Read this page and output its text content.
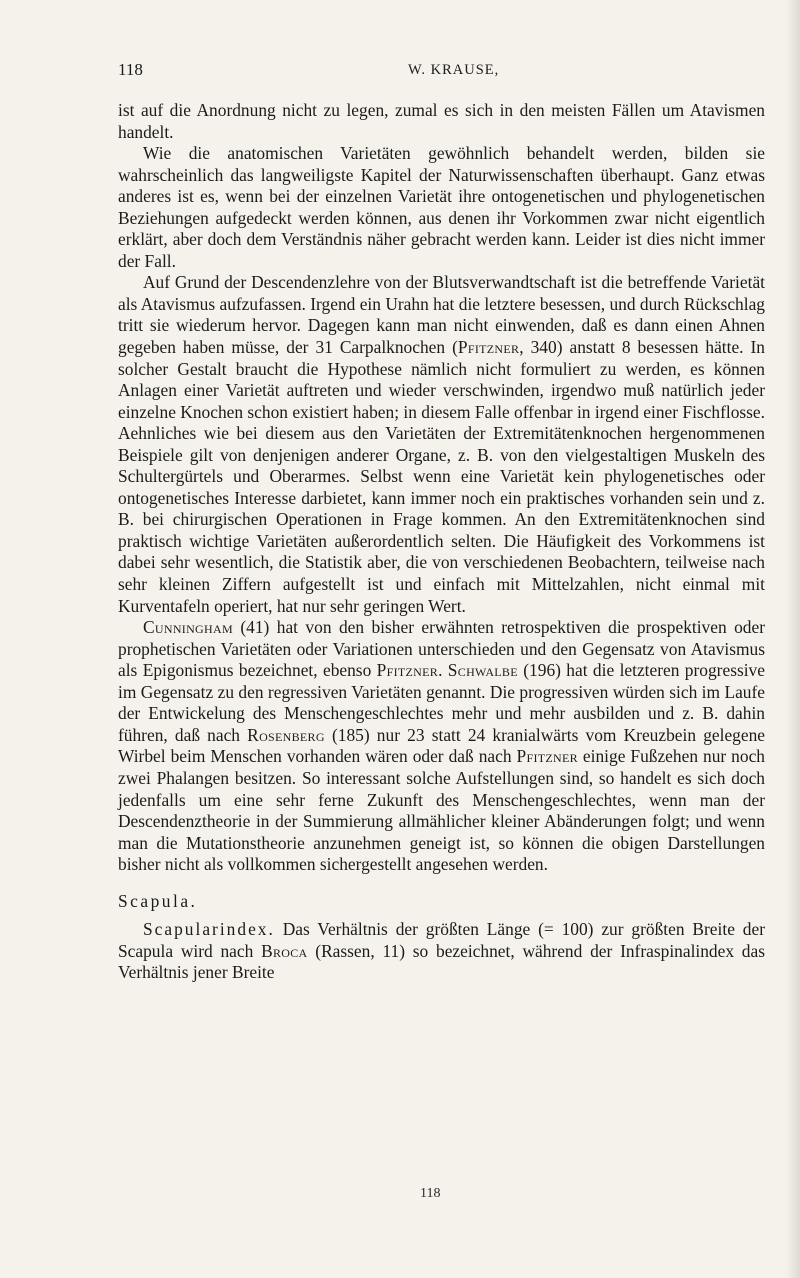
118	W. KRAUSE,

ist auf die Anordnung nicht zu legen, zumal es sich in den meisten Fällen um Atavismen handelt.

Wie die anatomischen Varietäten gewöhnlich behandelt werden, bilden sie wahrscheinlich das langweiligste Kapitel der Naturwissenschaften überhaupt. Ganz etwas anderes ist es, wenn bei der einzelnen Varietät ihre ontogenetischen und phylogenetischen Beziehungen aufgedeckt werden können, aus denen ihr Vorkommen zwar nicht eigentlich erklärt, aber doch dem Verständnis näher gebracht werden kann. Leider ist dies nicht immer der Fall.

Auf Grund der Descendenzlehre von der Blutsverwandtschaft ist die betreffende Varietät als Atavismus aufzufassen. Irgend ein Urahn hat die letztere besessen, und durch Rückschlag tritt sie wiederum hervor. Dagegen kann man nicht einwenden, daß es dann einen Ahnen gegeben haben müsse, der 31 Carpalknochen (Pfitzner, 340) anstatt 8 besessen hätte. In solcher Gestalt braucht die Hypothese nämlich nicht formuliert zu werden, es können Anlagen einer Varietät auftreten und wieder verschwinden, irgendwo muß natürlich jeder einzelne Knochen schon existiert haben; in diesem Falle offenbar in irgend einer Fischflosse. Aehnliches wie bei diesem aus den Varietäten der Extremitätenknochen hergenommenen Beispiele gilt von denjenigen anderer Organe, z. B. von den vielgestaltigen Muskeln des Schultergürtels und Oberarmes. Selbst wenn eine Varietät kein phylogenetisches oder ontogenetisches Interesse darbietet, kann immer noch ein praktisches vorhanden sein und z. B. bei chirurgischen Operationen in Frage kommen. An den Extremitätenknochen sind praktisch wichtige Varietäten außerordentlich selten. Die Häufigkeit des Vorkommens ist dabei sehr wesentlich, die Statistik aber, die von verschiedenen Beobachtern, teilweise nach sehr kleinen Ziffern aufgestellt ist und einfach mit Mittelzahlen, nicht einmal mit Kurventafeln operiert, hat nur sehr geringen Wert.

Cunningham (41) hat von den bisher erwähnten retrospektiven die prospektiven oder prophetischen Varietäten oder Variationen unterschieden und den Gegensatz von Atavismus als Epigonismus bezeichnet, ebenso Pfitzner. Schwalbe (196) hat die letzteren progressive im Gegensatz zu den regressiven Varietäten genannt. Die progressiven würden sich im Laufe der Entwickelung des Menschengeschlechtes mehr und mehr ausbilden und z. B. dahin führen, daß nach Rosenberg (185) nur 23 statt 24 kranialwärts vom Kreuzbein gelegene Wirbel beim Menschen vorhanden wären oder daß nach Pfitzner einige Fußzehen nur noch zwei Phalangen besitzen. So interessant solche Aufstellungen sind, so handelt es sich doch jedenfalls um eine sehr ferne Zukunft des Menschengeschlechtes, wenn man der Descendenztheorie in der Summierung allmählicher kleiner Abänderungen folgt; und wenn man die Mutationstheorie anzunehmen geneigt ist, so können die obigen Darstellungen bisher nicht als vollkommen sichergestellt angesehen werden.

Scapula.

Scapularindex. Das Verhältnis der größten Länge (= 100) zur größten Breite der Scapula wird nach Broca (Rassen, 11) so bezeichnet, während der Infraspinalindex das Verhältnis jener Breite

118
